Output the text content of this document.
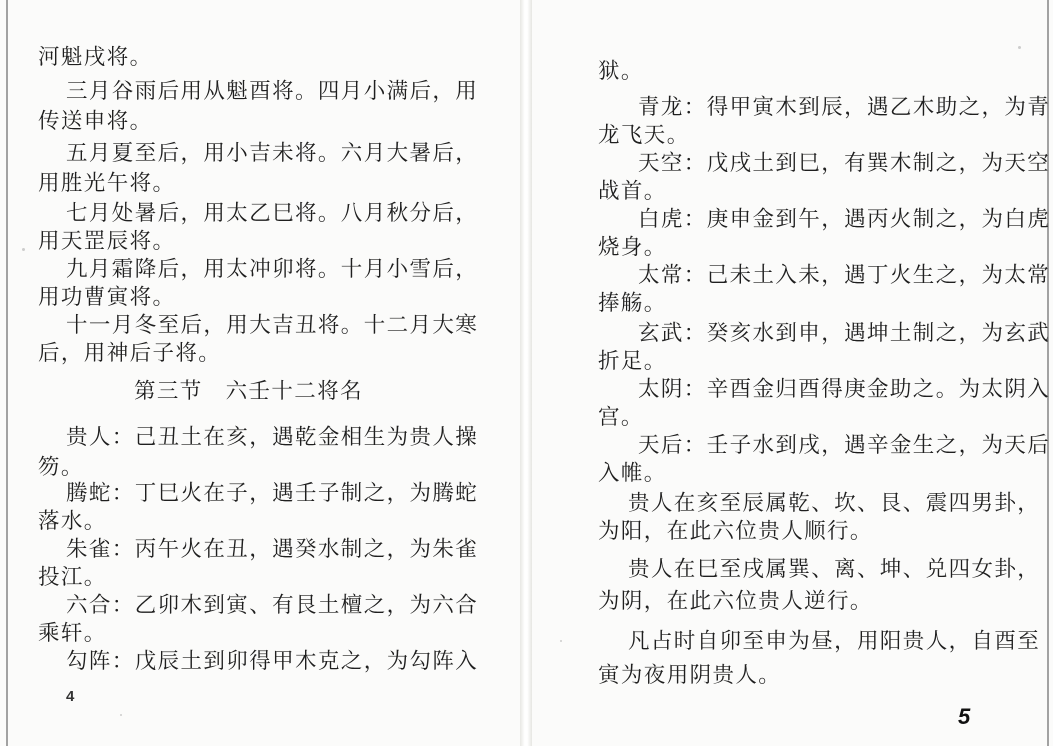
河魁戌将。

三月谷雨后用从魁酉将。四月小满后，用

传送申将。

五月夏至后，用小吉未将。六月大暑后，

用胜光午将。

七月处暑后，用太乙巳将。八月秋分后，

用天罡辰将。

九月霜降后，用太冲卯将。十月小雪后，

用功曹寅将。

十一月冬至后，用大吉丑将。十二月大寒

后，用神后子将。

第三节　六壬十二将名

贵人：己丑土在亥，遇乾金相生为贵人操

笏。

腾蛇：丁巳火在子，遇壬子制之，为腾蛇

落水。

朱雀：丙午火在丑，遇癸水制之，为朱雀

投江。

六合：乙卯木到寅、有艮土檀之，为六合

乘轩。

勾阵：戊辰土到卯得甲木克之，为勾阵入

4

狱。

青龙：得甲寅木到辰，遇乙木助之，为青

龙飞天。

天空：戊戌土到巳，有巽木制之，为天空

战首。

白虎：庚申金到午，遇丙火制之，为白虎

烧身。

太常：己未土入未，遇丁火生之，为太常

捧觞。

玄武：癸亥水到申，遇坤土制之，为玄武

折足。

太阴：辛酉金归酉得庚金助之。为太阴入

宫。

天后：壬子水到戌，遇辛金生之，为天后

入帷。

贵人在亥至辰属乾、坎、艮、震四男卦，

为阳，在此六位贵人顺行。

贵人在巳至戌属巽、离、坤、兑四女卦，

为阴，在此六位贵人逆行。

凡占时自卯至申为昼，用阳贵人，自酉至

寅为夜用阴贵人。

5
